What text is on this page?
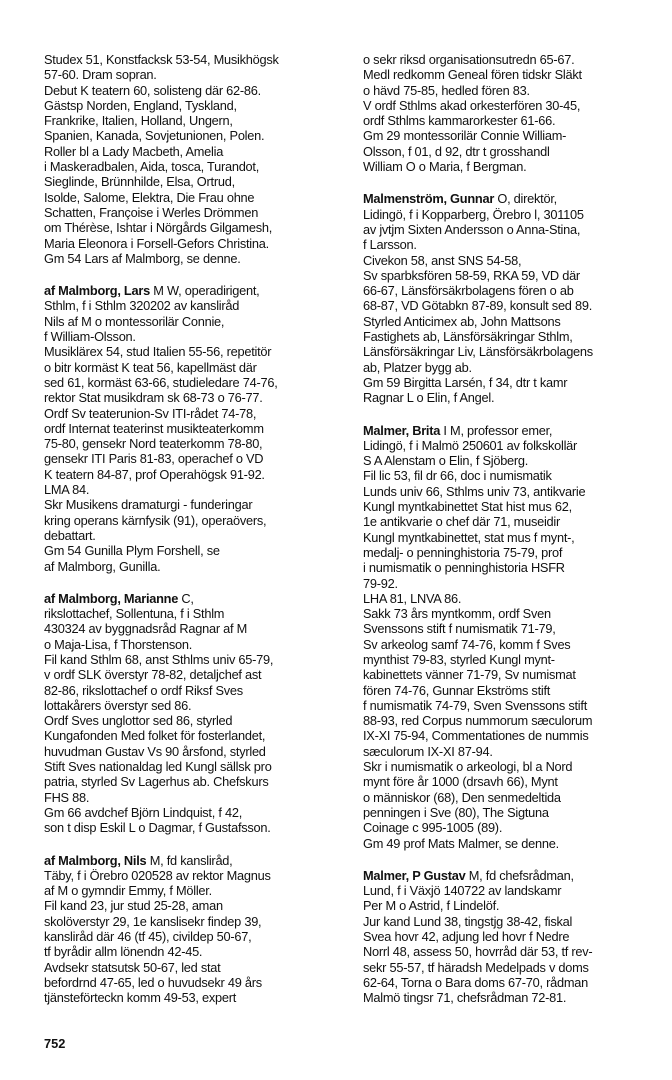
Studex 51, Konstfacksk 53-54, Musikhögsk
57-60. Dram sopran.
Debut K teatern 60, solisteng där 62-86.
Gästsp Norden, England, Tyskland,
Frankrike, Italien, Holland, Ungern,
Spanien, Kanada, Sovjetunionen, Polen.
Roller bl a Lady Macbeth, Amelia
i Maskeradbalen, Aida, tosca, Turandot,
Sieglinde, Brünnhilde, Elsa, Ortrud,
Isolde, Salome, Elektra, Die Frau ohne
Schatten, Françoise i Werles Drömmen
om Thérèse, Ishtar i Nörgårds Gilgamesh,
Maria Eleonora i Forsell-Gefors Christina.
Gm 54 Lars af Malmborg, se denne.
af Malmborg, Lars M W, operadirigent,
Sthlm, f i Sthlm 320202 av kansliråd
Nils af M o montessorilär Connie,
f William-Olsson.
Musiklärex 54, stud Italien 55-56, repetitör
o bitr kormäst K teat 56, kapellmäst där
sed 61, kormäst 63-66, studieledare 74-76,
rektor Stat musikdram sk 68-73 o 76-77.
Ordf Sv teaterunion-Sv ITI-rådet 74-78,
ordf Internat teaterinst musikteaterkomm
75-80, gensekr Nord teaterkomm 78-80,
gensekr ITI Paris 81-83, operachef o VD
K teatern 84-87, prof Operahögsk 91-92.
LMA 84.
Skr Musikens dramaturgi - funderingar
kring operans kärnfysik (91), operaövers,
debattart.
Gm 54 Gunilla Plym Forshell, se
af Malmborg, Gunilla.
af Malmborg, Marianne C,
rikslottachef, Sollentuna, f i Sthlm
430324 av byggnadsråd Ragnar af M
o Maja-Lisa, f Thorstenson.
Fil kand Sthlm 68, anst Sthlms univ 65-79,
v ordf SLK överstyr 78-82, detaljchef ast
82-86, rikslottachef o ordf Riksf Sves
lottakårers överstyr sed 86.
Ordf Sves unglottor sed 86, styrled
Kungafonden Med folket för fosterlandet,
huvudman Gustav Vs 90 årsfond, styrled
Stift Sves nationaldag led Kungl sällsk pro
patria, styrled Sv Lagerhus ab. Chefskurs
FHS 88.
Gm 66 avdchef Björn Lindquist, f 42,
son t disp Eskil L o Dagmar, f Gustafsson.
af Malmborg, Nils M, fd kanslіråd,
Täby, f i Örebro 020528 av rektor Magnus
af M o gymndir Emmy, f Möller.
Fil kand 23, jur stud 25-28, aman
skolöverstyr 29, 1e kanslisekr findep 39,
kanslіråd där 46 (tf 45), civildep 50-67,
tf byrådir allm lönendn 42-45.
Avdsekr statsutsk 50-67, led stat
befordrnd 47-65, led o huvudsekr 49 års
tjänsteförteckn komm 49-53, expert
o sekr riksd organisationsutredn 65-67.
Medl redkomm Geneal fören tidskr Släkt
o hävd 75-85, hedled fören 83.
V ordf Sthlms akad orkesterfören 30-45,
ordf Sthlms kammarorkester 61-66.
Gm 29 montessorilär Connie William-
Olsson, f 01, d 92, dtr t grosshandl
William O o Maria, f Bergman.
Malmenström, Gunnar O, direktör,
Lidingö, f i Kopparberg, Örebro l, 301105
av jvtjm Sixten Andersson o Anna-Stina,
f Larsson.
Civekon 58, anst SNS 54-58,
Sv sparbksfören 58-59, RKA 59, VD där
66-67, Länsförsäkrbolagens fören o ab
68-87, VD Götabkn 87-89, konsult sed 89.
Styrled Anticimex ab, John Mattsons
Fastighets ab, Länsförsäkringar Sthlm,
Länsförsäkringar Liv, Länsförsäkrbolagens
ab, Platzer bygg ab.
Gm 59 Birgitta Larsén, f 34, dtr t kamr
Ragnar L o Elin, f Angel.
Malmer, Brita I M, professor emer,
Lidingö, f i Malmö 250601 av folkskollär
S A Alenstam o Elin, f Sjöberg.
Fil lic 53, fil dr 66, doc i numismatik
Lunds univ 66, Sthlms univ 73, antikvarie
Kungl myntkabinettet Stat hist mus 62,
1e antikvarie o chef där 71, museidir
Kungl myntkabinettet, stat mus f mynt-,
medalj- o penninghistoria 75-79, prof
i numismatik o penninghistoria HSFR
79-92.
LHA 81, LNVA 86.
Sakk 73 års myntkomm, ordf Sven
Svenssons stift f numismatik 71-79,
Sv arkeolog samf 74-76, komm f Sves
mynthist 79-83, styrled Kungl mynt-
kabinettets vänner 71-79, Sv numismat
fören 74-76, Gunnar Ekströms stift
f numismatik 74-79, Sven Svenssons stift
88-93, red Corpus nummorum sæculorum
IX-XI 75-94, Commentationes de nummis
sæculorum IX-XI 87-94.
Skr i numismatik o arkeologi, bl a Nord
mynt före år 1000 (drsavh 66), Mynt
o människor (68), Den senmedeltida
penningen i Sve (80), The Sigtuna
Coinage c 995-1005 (89).
Gm 49 prof Mats Malmer, se denne.
Malmer, P Gustav M, fd chefsrådman,
Lund, f i Växjö 140722 av landskamr
Per M o Astrid, f Lindelöf.
Jur kand Lund 38, tingstjg 38-42, fiskal
Svea hovr 42, adjung led hovr f Nedre
Norrl 48, assess 50, hovrråd där 53, tf rev-
sekr 55-57, tf häradsh Medelpads v doms
62-64, Torna o Bara doms 67-70, rådman
Malmö tingsr 71, chefsrådman 72-81.
752
